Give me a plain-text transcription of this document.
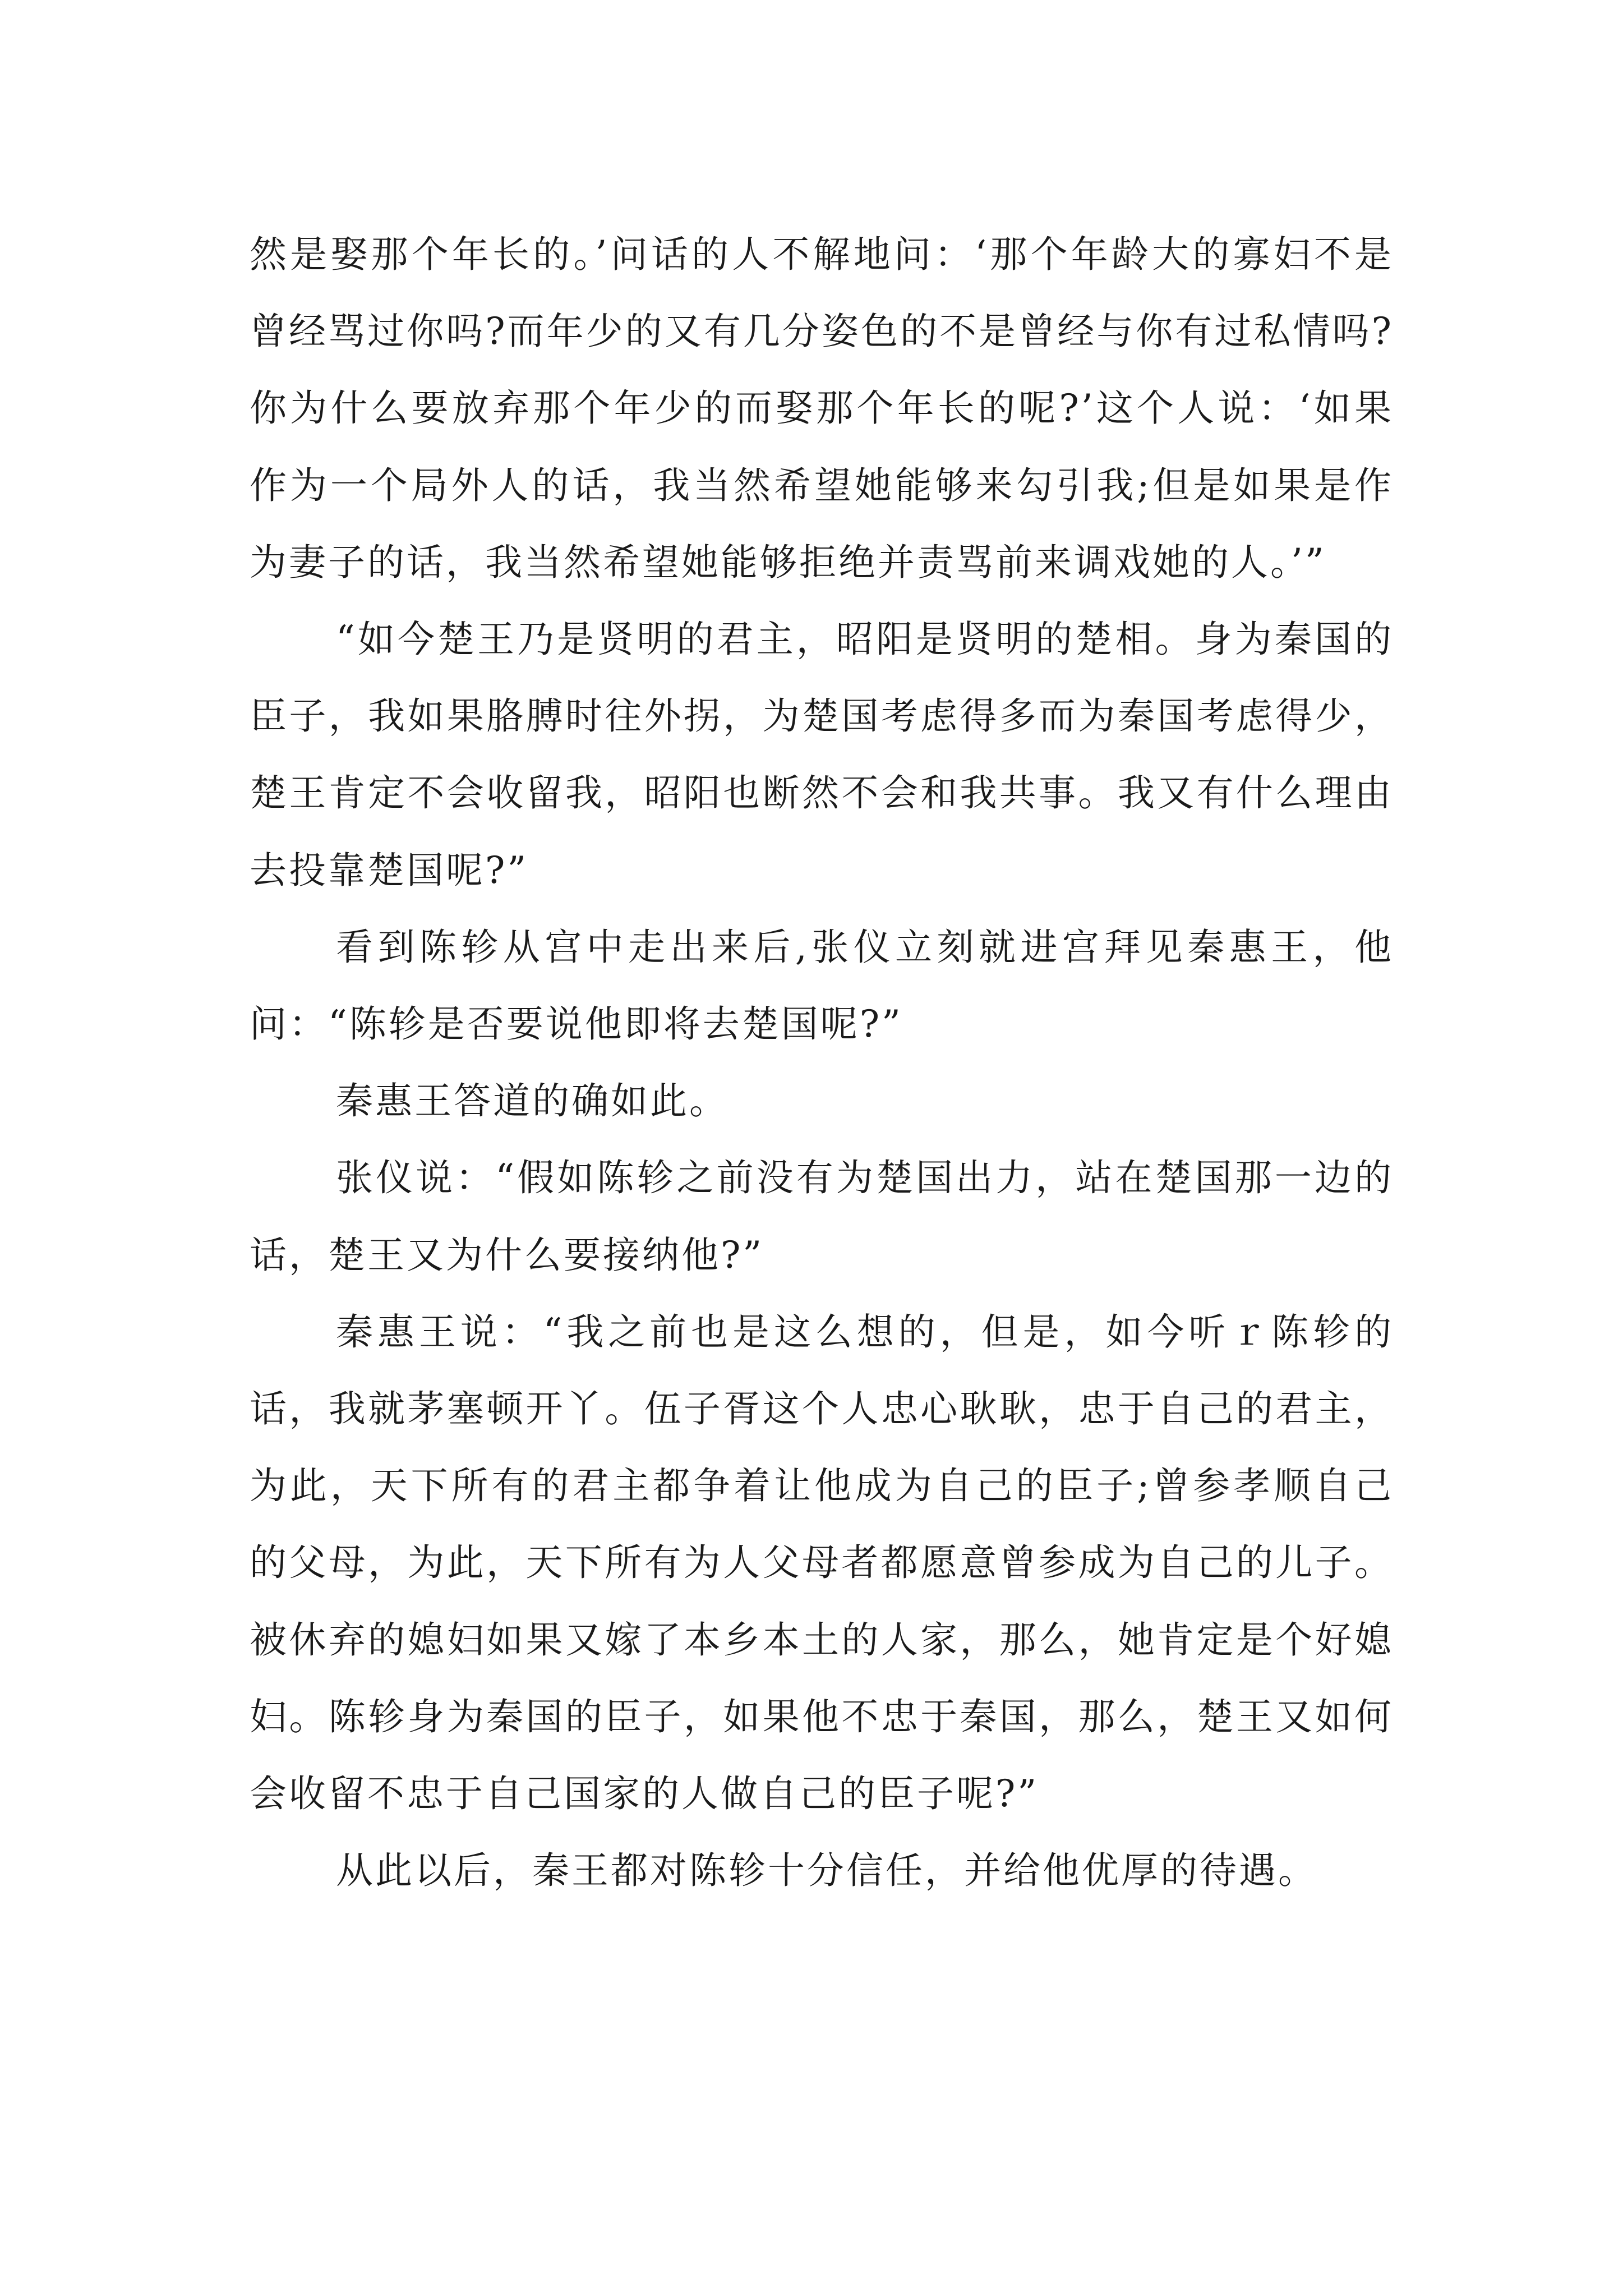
然是娶那个年长的。’问话的人不解地问：‘那个年龄大的寡妇不是曾经骂过你吗?而年少的又有几分姿色的不是曾经与你有过私情吗?你为什么要放弃那个年少的而娶那个年长的呢?’这个人说：‘如果作为一个局外人的话，我当然希望她能够来勾引我;但是如果是作为妻子的话，我当然希望她能够拒绝并责骂前来调戏她的人。’”

“如今楚王乃是贤明的君主，昭阳是贤明的楚相。身为秦国的臣子，我如果胳膊时往外拐，为楚国考虑得多而为秦国考虑得少，楚王肯定不会收留我，昭阳也断然不会和我共事。我又有什么理由去投靠楚国呢?”

看到陈轸从宫中走出来后,张仪立刻就进宫拜见秦惠王，他问：“陈轸是否要说他即将去楚国呢?”

秦惠王答道的确如此。

张仪说：“假如陈轸之前没有为楚国出力，站在楚国那一边的话，楚王又为什么要接纳他?”

秦惠王说：“我之前也是这么想的，但是，如今听ｒ陈轸的话，我就茅塞顿开丫。伍子胥这个人忠心耿耿，忠于自己的君主，为此，天下所有的君主都争着让他成为自己的臣子;曾参孝顺自己的父母，为此，天下所有为人父母者都愿意曾参成为自己的儿子。被休弃的媳妇如果又嫁了本乡本土的人家，那么，她肯定是个好媳妇。陈轸身为秦国的臣子，如果他不忠于秦国，那么，楚王又如何会收留不忠于自己国家的人做自己的臣子呢?”

从此以后，秦王都对陈轸十分信任，并给他优厚的待遇。
